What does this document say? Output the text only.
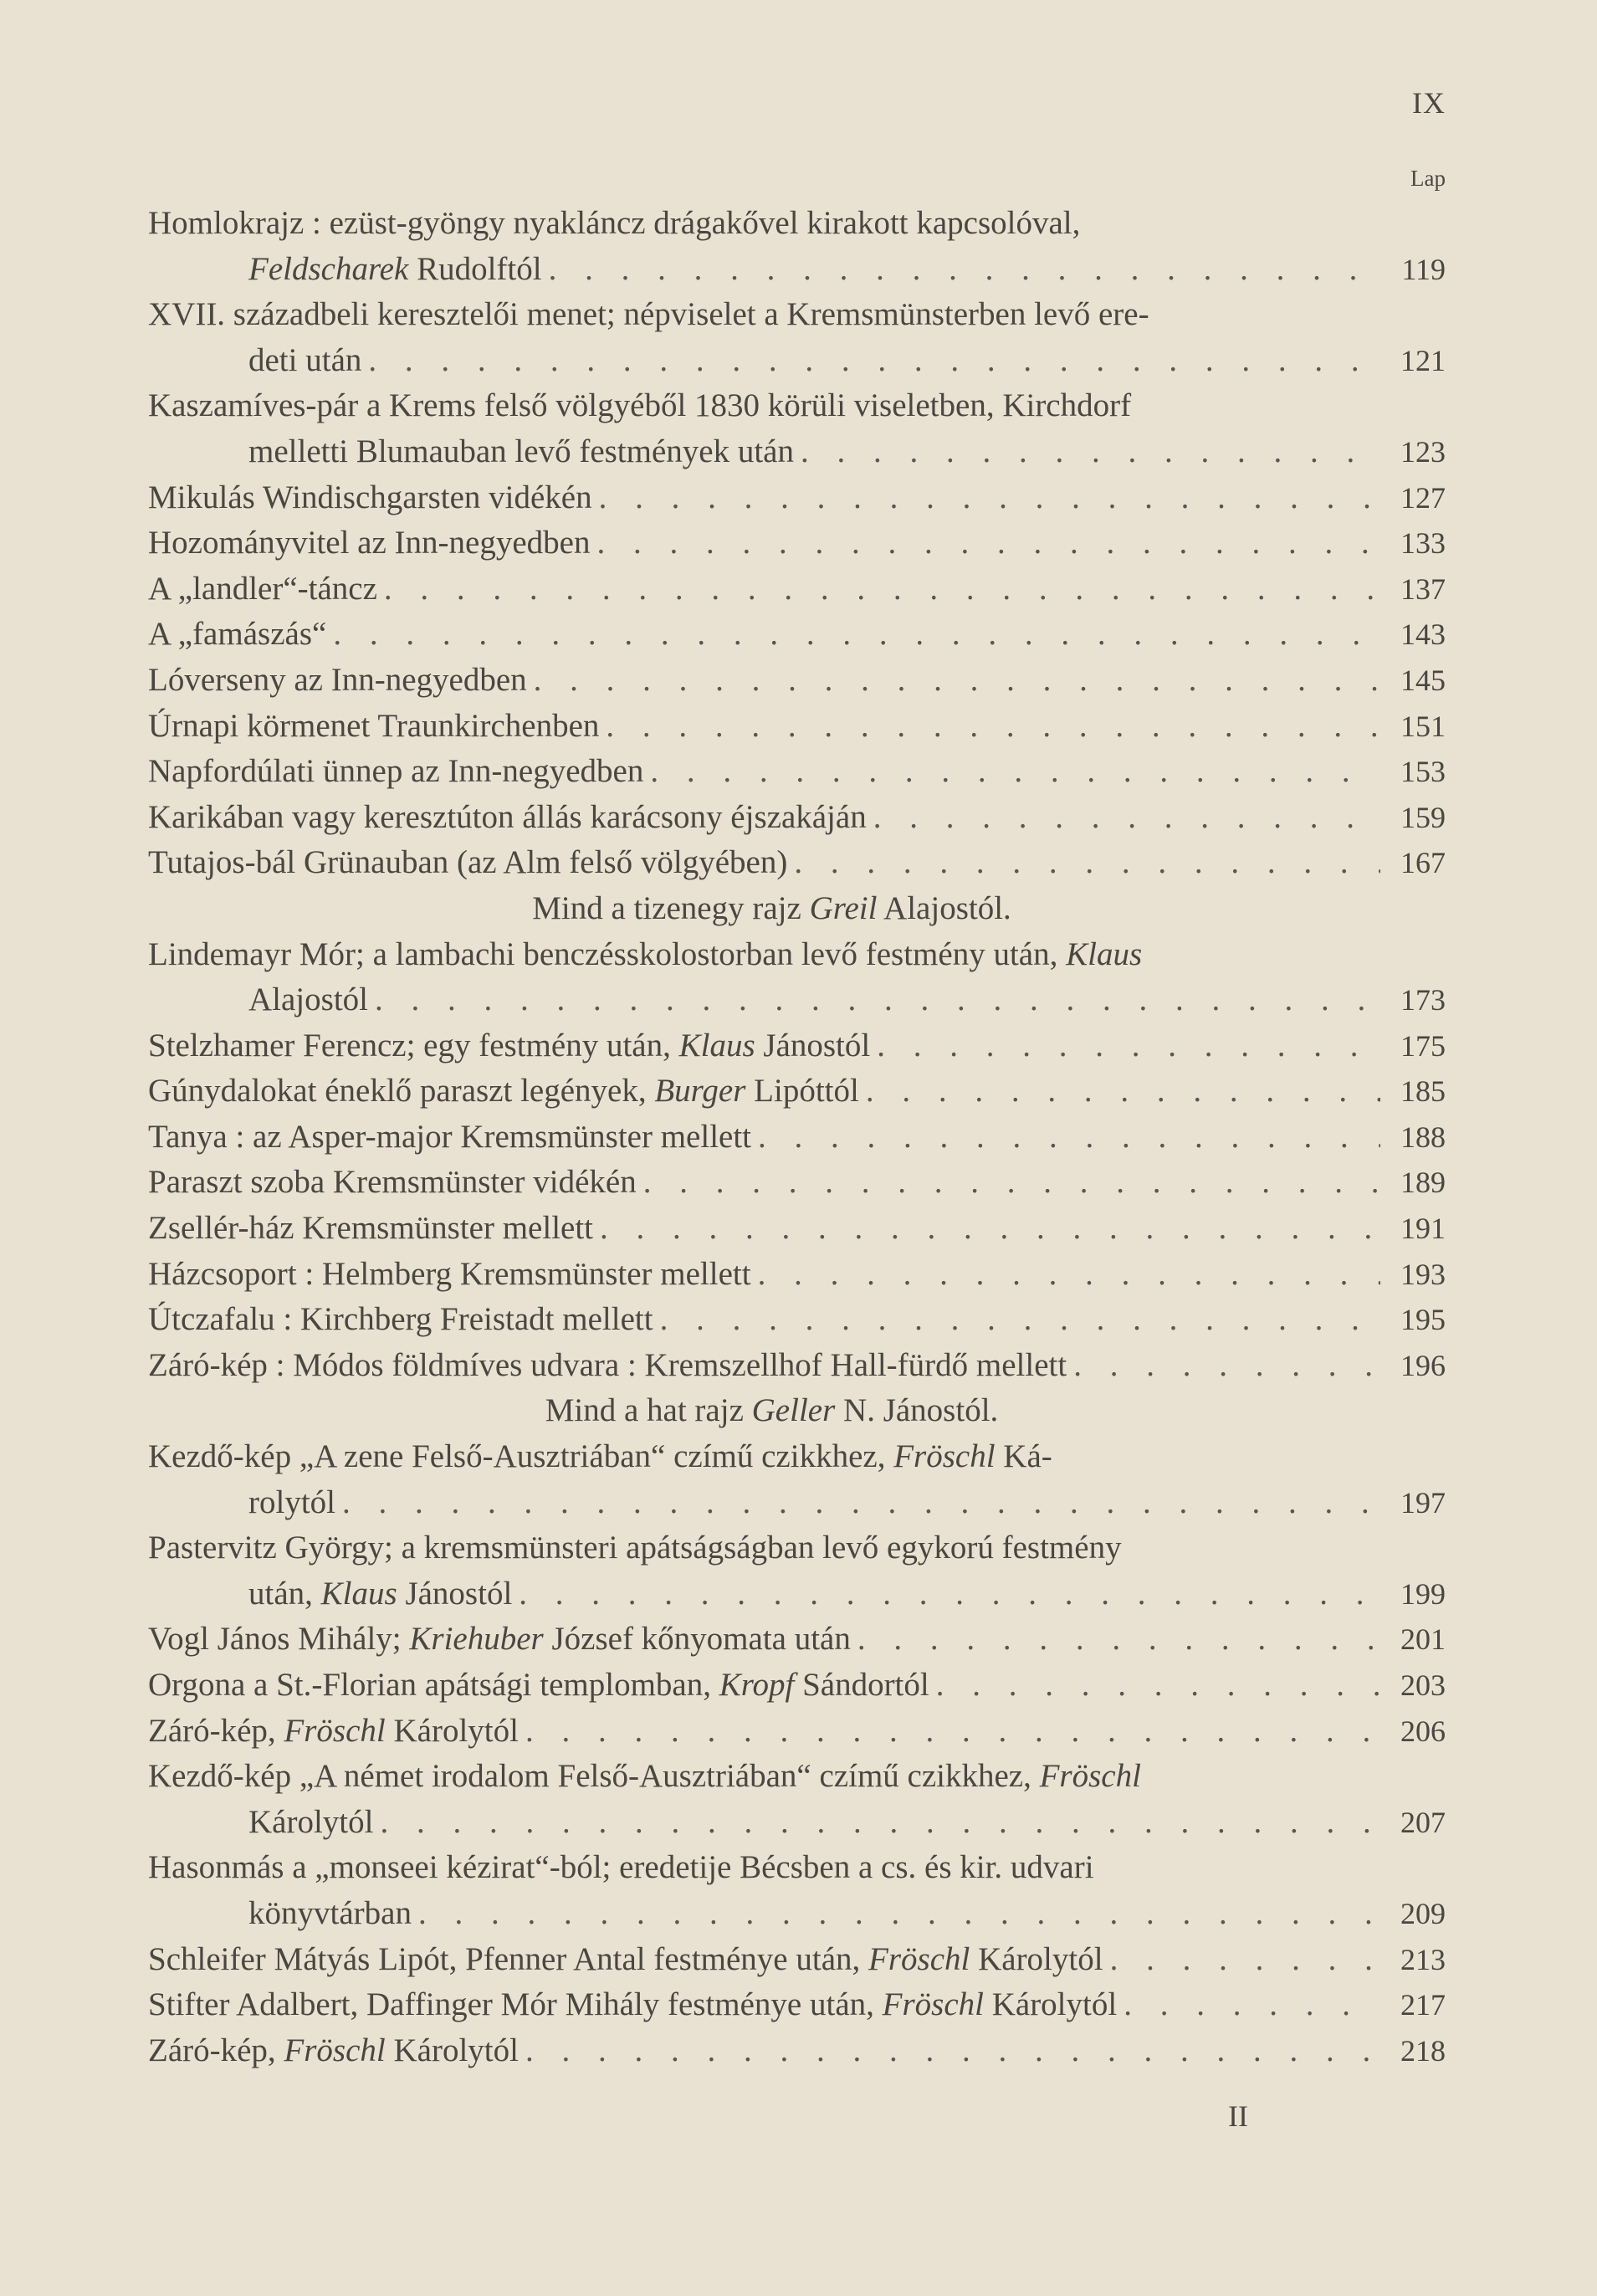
IX
Lap
Homlokrajz : ezüst-gyöngy nyakláncz drágakővel kirakott kapcsolóval,
Feldscharek Rudolftól . . .	119
XVII. századbeli keresztelői menet; népviselet a Kremsmünsterben levő ere-
deti után . . .	121
Kaszamíves-pár a Krems felső völgyéből 1830 körüli viseletben, Kirchdorf
melletti Blumauban levő festmények után . . .	123
Mikulás Windischgarsten vidékén . . .	127
Hozományvitel az Inn-negyedben . . .	133
A „landler“-táncz . . .	137
A „famászás“ . . .	143
Lóverseny az Inn-negyedben . . .	145
Úrnapi körmenet Traunkirchenben . . .	151
Napfordúlati ünnep az Inn-negyedben . . .	153
Karikában vagy keresztúton állás karácsony éjszakáján . . .	159
Tutajos-bál Grünauban (az Alm felső völgyében) . . .	167
Mind a tizenegy rajz Greil Alajostól.
Lindemayr Mór; a lambachi benczésskolostorban levő festmény után, Klaus
Alajostól . . .	173
Stelzhamer Ferencz; egy festmény után, Klaus Jánostól . . .	175
Gúnydalokat éneklő paraszt legények, Burger Lipóttól . . .	185
Tanya : az Asper-major Kremsmünster mellett . . .	188
Paraszt szoba Kremsmünster vidékén . . .	189
Zsellér-ház Kremsmünster mellett . . .	191
Házcsoport : Helmberg Kremsmünster mellett . . .	193
Útczafalu : Kirchberg Freistadt mellett . . .	195
Záró-kép : Módos földmíves udvara : Kremszellhof Hall-fürdő mellett . . .	196
Mind a hat rajz Geller N. Jánostól.
Kezdő-kép „A zene Felső-Ausztriában“ czímű czikkhez, Fröschl Ká-
rolytól . . .	197
Pastervitz György; a kremsmünsteri apátságságban levő egykorú festmény
után, Klaus Jánostól . . .	199
Vogl János Mihály; Kriehuber József kőnyomata után . . .	201
Orgona a St.-Florian apátsági templomban, Kropf Sándortól . . .	203
Záró-kép, Fröschl Károlytól . . .	206
Kezdő-kép „A német irodalom Felső-Ausztriában“ czímű czikkhez, Fröschl
Károlytól . . .	207
Hasonmás a „monseei kézirat“-ból; eredetije Bécsben a cs. és kir. udvari
könyvtárban . . .	209
Schleifer Mátyás Lipót, Pfenner Antal festménye után, Fröschl Károlytól . . .	213
Stifter Adalbert, Daffinger Mór Mihály festménye után, Fröschl Károlytól . . .	217
Záró-kép, Fröschl Károlytól . . .	218
II
